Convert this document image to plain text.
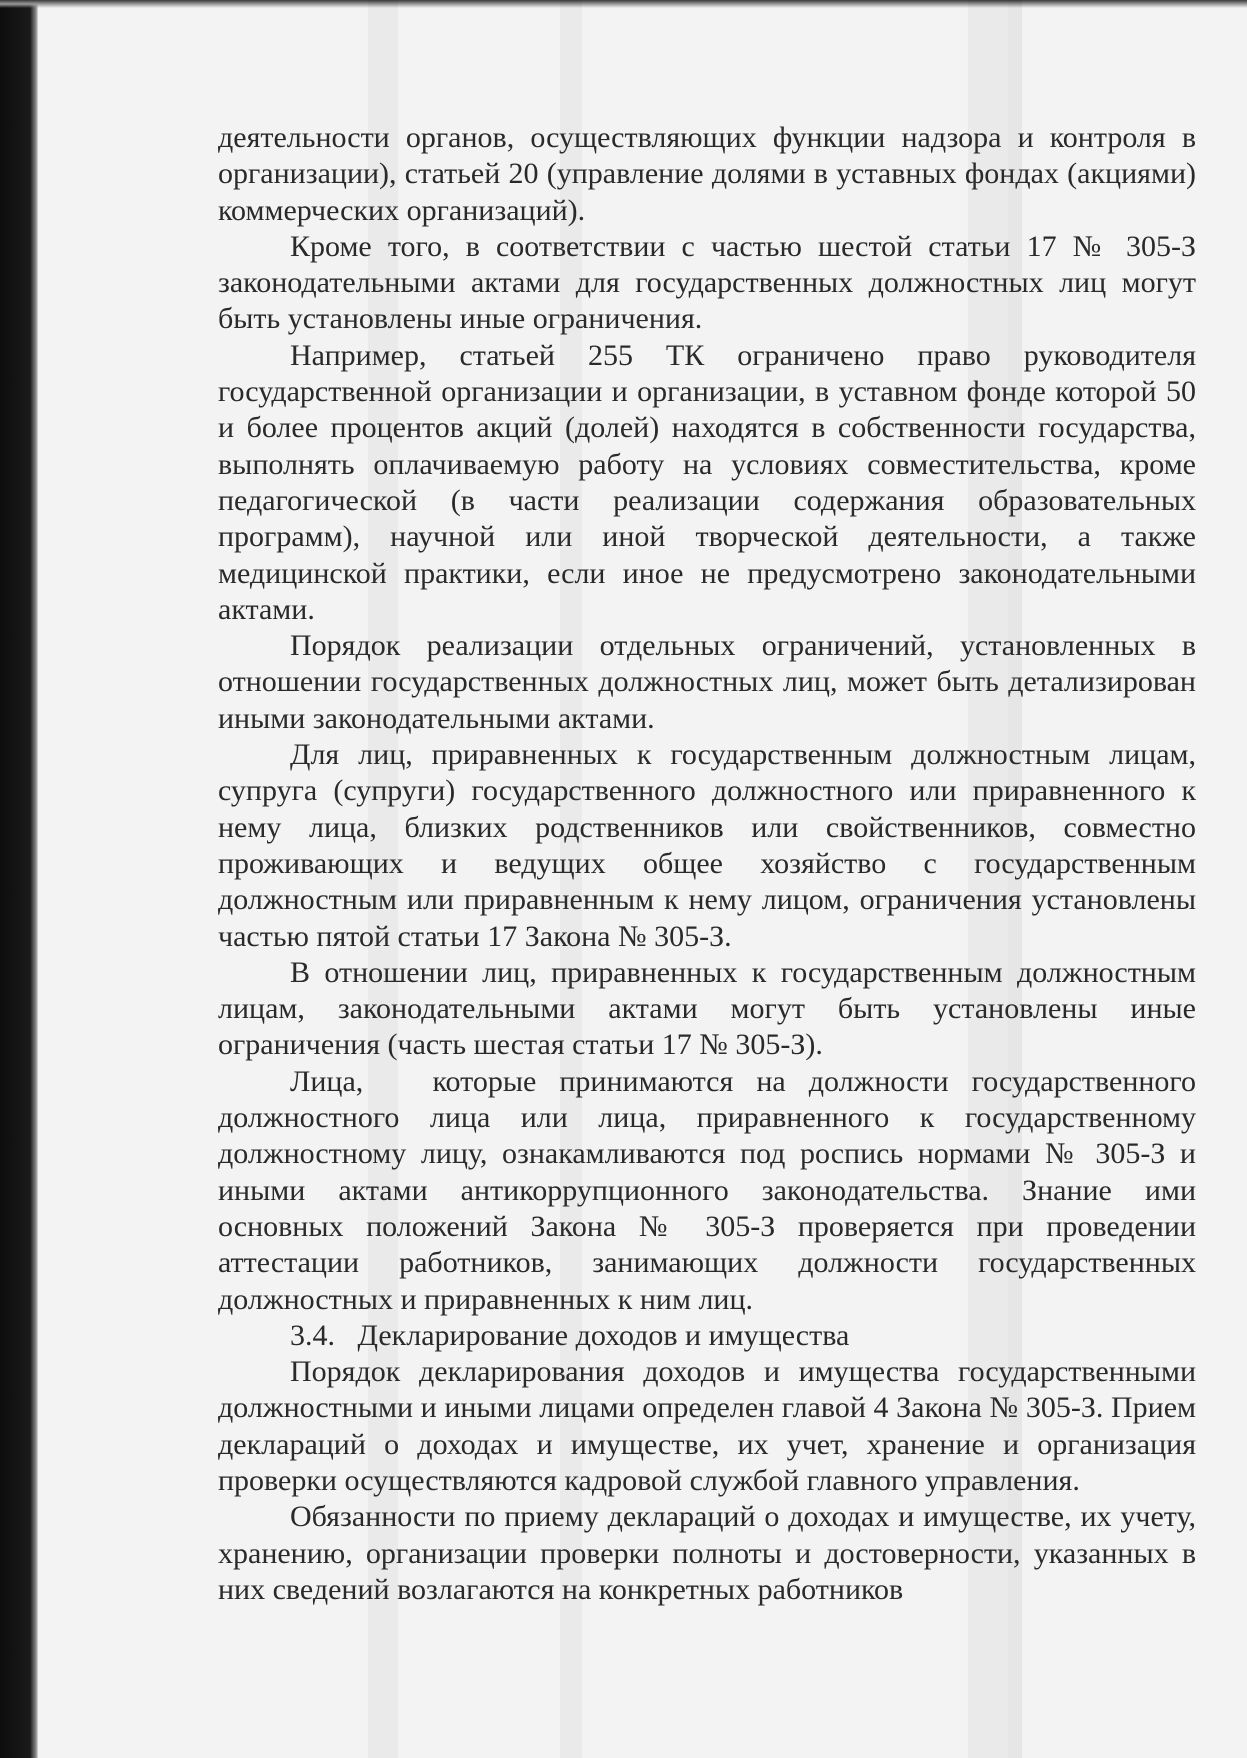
деятельности органов, осуществляющих функции надзора и контроля в организации), статьей 20 (управление долями в уставных фондах (акциями) коммерческих организаций).

Кроме того, в соответствии с частью шестой статьи 17 № 305-З законодательными актами для государственных должностных лиц могут быть установлены иные ограничения.

Например, статьей 255 ТК ограничено право руководителя государственной организации и организации, в уставном фонде которой 50 и более процентов акций (долей) находятся в собственности государства, выполнять оплачиваемую работу на условиях совместительства, кроме педагогической (в части реализации содержания образовательных программ), научной или иной творческой деятельности, а также медицинской практики, если иное не предусмотрено законодательными актами.

Порядок реализации отдельных ограничений, установленных в отношении государственных должностных лиц, может быть детализирован иными законодательными актами.

Для лиц, приравненных к государственным должностным лицам, супруга (супруги) государственного должностного или приравненного к нему лица, близких родственников или свойственников, совместно проживающих и ведущих общее хозяйство с государственным должностным или приравненным к нему лицом, ограничения установлены частью пятой статьи 17 Закона № 305-З.

В отношении лиц, приравненных к государственным должностным лицам, законодательными актами могут быть установлены иные ограничения (часть шестая статьи 17 № 305-З).

Лица,   которые принимаются на должности государственного должностного лица или лица, приравненного к государственному должностному лицу, ознакамливаются под роспись нормами № 305-З и иными актами антикоррупционного законодательства. Знание ими основных положений Закона № 305-З проверяется при проведении аттестации работников, занимающих должности государственных должностных и приравненных к ним лиц.

3.4.   Декларирование доходов и имущества

Порядок декларирования доходов и имущества государственными должностными и иными лицами определен главой 4 Закона № 305-З. Прием деклараций о доходах и имуществе, их учет, хранение и организация проверки осуществляются кадровой службой главного управления.

Обязанности по приему деклараций о доходах и имуществе, их учету, хранению, организации проверки полноты и достоверности, указанных в них сведений возлагаются на конкретных работников
